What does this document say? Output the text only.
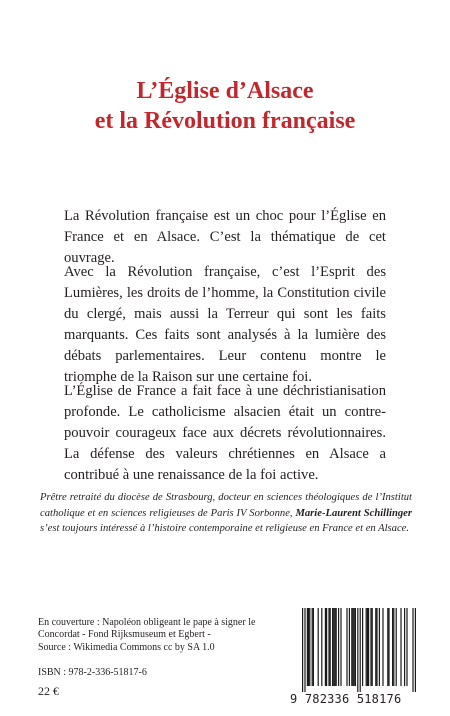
L’Église d’Alsace
et la Révolution française

La Révolution française est un choc pour l’Église en France et en Alsace. C’est la thématique de cet ouvrage.

Avec la Révolution française, c’est l’Esprit des Lumières, les droits de l’homme, la Constitution civile du clergé, mais aussi la Terreur qui sont les faits marquants. Ces faits sont analysés à la lumière des débats parlementaires. Leur contenu montre le triomphe de la Raison sur une certaine foi.

L’Église de France a fait face à une déchristianisation profonde. Le catholicisme alsacien était un contre-pouvoir courageux face aux décrets révolutionnaires. La défense des valeurs chrétiennes en Alsace a contribué à une renaissance de la foi active.

Prêtre retraité du diocèse de Strasbourg, docteur en sciences théologiques de l’Institut catholique et en sciences religieuses de Paris IV Sorbonne, Marie-Laurent Schillinger s’est toujours intéressé à l’histoire contemporaine et religieuse en France et en Alsace.

En couverture : Napoléon obligeant le pape à signer le
Concordat - Fond Rijksmuseum et Egbert -
Source : Wikimedia Commons cc by SA 1.0
ISBN : 978-2-336-51817-6
22 €
9 782336 518176
